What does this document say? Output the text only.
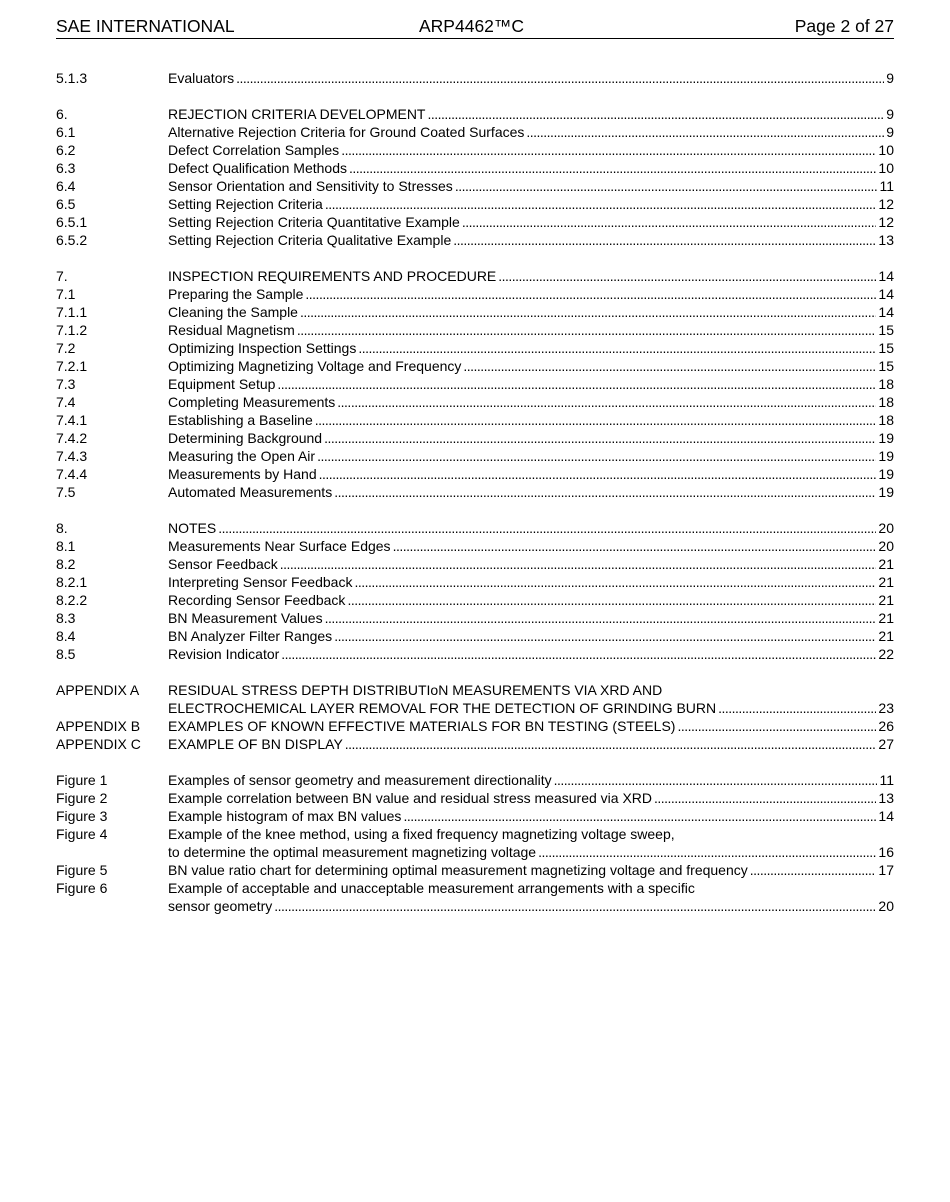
SAE INTERNATIONAL	ARP4462™C	Page 2 of 27
5.1.3	Evaluators . . .	9
6.	REJECTION CRITERIA DEVELOPMENT . . .	9
6.1	Alternative Rejection Criteria for Ground Coated Surfaces . . .	9
6.2	Defect Correlation Samples . . .	10
6.3	Defect Qualification Methods . . .	10
6.4	Sensor Orientation and Sensitivity to Stresses . . .	11
6.5	Setting Rejection Criteria . . .	12
6.5.1	Setting Rejection Criteria Quantitative Example . . .	12
6.5.2	Setting Rejection Criteria Qualitative Example . . .	13
7.	INSPECTION REQUIREMENTS AND PROCEDURE . . .	14
7.1	Preparing the Sample . . .	14
7.1.1	Cleaning the Sample . . .	14
7.1.2	Residual Magnetism . . .	15
7.2	Optimizing Inspection Settings . . .	15
7.2.1	Optimizing Magnetizing Voltage and Frequency . . .	15
7.3	Equipment Setup . . .	18
7.4	Completing Measurements . . .	18
7.4.1	Establishing a Baseline . . .	18
7.4.2	Determining Background . . .	19
7.4.3	Measuring the Open Air . . .	19
7.4.4	Measurements by Hand . . .	19
7.5	Automated Measurements . . .	19
8.	NOTES . . .	20
8.1	Measurements Near Surface Edges . . .	20
8.2	Sensor Feedback . . .	21
8.2.1	Interpreting Sensor Feedback . . .	21
8.2.2	Recording Sensor Feedback . . .	21
8.3	BN Measurement Values . . .	21
8.4	BN Analyzer Filter Ranges . . .	21
8.5	Revision Indicator . . .	22
APPENDIX A RESIDUAL STRESS DEPTH DISTRIBUTIoN MEASUREMENTS VIA XRD AND
ELECTROCHEMICAL LAYER REMOVAL FOR THE DETECTION OF GRINDING BURN . . .	23
APPENDIX B EXAMPLES OF KNOWN EFFECTIVE MATERIALS FOR BN TESTING (STEELS) . . .	26
APPENDIX C EXAMPLE OF BN DISPLAY . . .	27
Figure 1	Examples of sensor geometry and measurement directionality . . .	11
Figure 2	Example correlation between BN value and residual stress measured via XRD . . .	13
Figure 3	Example histogram of max BN values . . .	14
Figure 4	Example of the knee method, using a fixed frequency magnetizing voltage sweep,
to determine the optimal measurement magnetizing voltage . . .	16
Figure 5	BN value ratio chart for determining optimal measurement magnetizing voltage and frequency . . .	17
Figure 6	Example of acceptable and unacceptable measurement arrangements with a specific
sensor geometry . . .	20
